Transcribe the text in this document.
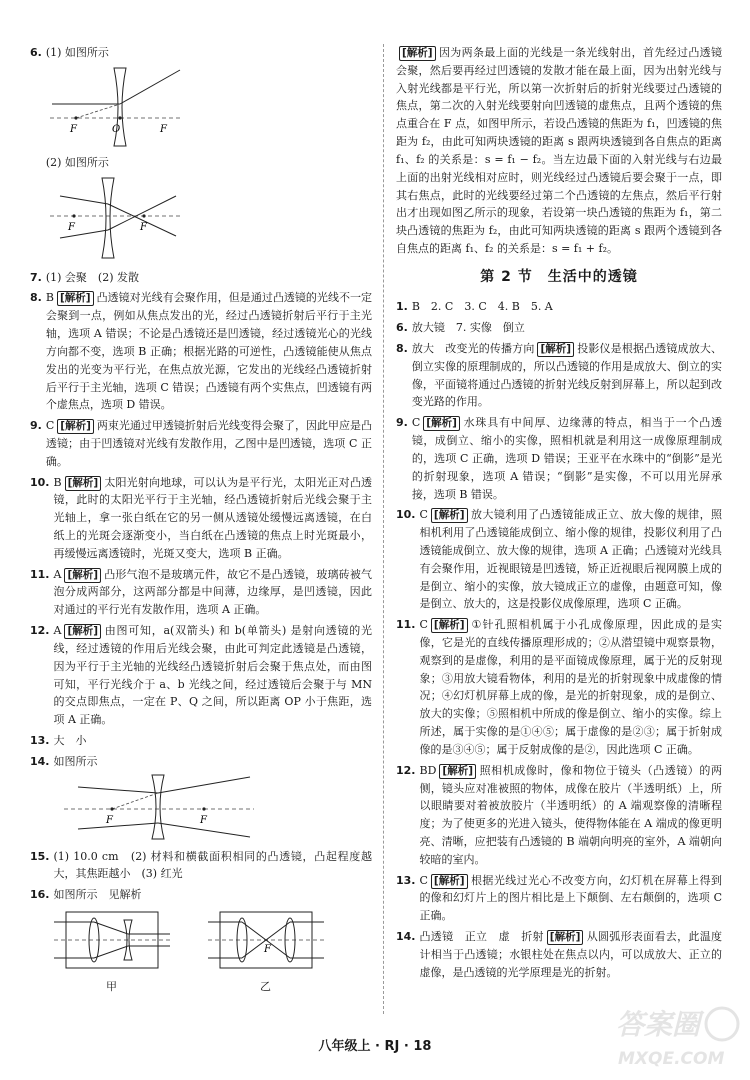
6. (1) 如图所示
F	O	F
(2) 如图所示
F	F
7. (1) 会聚　(2) 发散
8. B [解析] 凸透镜对光线有会聚作用，但是通过凸透镜的光线不一定会聚到一点，例如从焦点发出的光，经过凸透镜折射后平行于主光轴，选项 A 错误；不论是凸透镜还是凹透镜，经过透镜光心的光线方向都不变，选项 B 正确；根据光路的可逆性，凸透镜能使从焦点发出的光变为平行光，在焦点放光源，它发出的光线经凸透镜折射后平行于主光轴，选项 C 错误；凸透镜有两个实焦点，凹透镜有两个虚焦点，选项 D 错误。
9. C [解析] 两束光通过甲透镜折射后光线变得会聚了，因此甲应是凸透镜；由于凹透镜对光线有发散作用，乙图中是凹透镜，选项 C 正确。
10. B [解析] 太阳光射向地球，可以认为是平行光，太阳光正对凸透镜，此时的太阳光平行于主光轴，经凸透镜折射后光线会聚于主光轴上，拿一张白纸在它的另一侧从透镜处缓慢远离透镜，在白纸上的光斑会逐渐变小，当白纸在凸透镜的焦点上时光斑最小，再缓慢远离透镜时，光斑又变大，选项 B 正确。
11. A [解析] 凸形气泡不是玻璃元件，故它不是凸透镜，玻璃砖被气泡分成两部分，这两部分都是中间薄，边缘厚，是凹透镜，因此对通过的平行光有发散作用，选项 A 正确。
12. A [解析] 由图可知，a(双箭头) 和 b(单箭头) 是射向透镜的光线，经过透镜的作用后光线会聚，由此可判定此透镜是凸透镜，因为平行于主光轴的光线经凸透镜折射后会聚于焦点处，而由图可知，平行光线介于 a、b 光线之间，经过透镜后会聚于与 MN 的交点即焦点，一定在 P、Q 之间，所以距离 OP 小于焦距，选项 A 正确。
13. 大　小
14. 如图所示
F	F
15. (1) 10.0 cm　(2) 材料和横截面积相同的凸透镜，凸起程度越大，其焦距越小　(3) 红光
16. 如图所示　见解析
甲
F
乙
[解析] 因为两条最上面的光线是一条光线射出，首先经过凸透镜会聚，然后要再经过凹透镜的发散才能在最上面，因为出射光线与入射光线都是平行光，所以第一次折射后的折射光线要过凸透镜的焦点，第二次的入射光线要射向凹透镜的虚焦点，且两个透镜的焦点重合在 F 点，如图甲所示，若设凸透镜的焦距为 f₁，凹透镜的焦距为 f₂，由此可知两块透镜的距离 s 跟两块透镜到各自焦点的距离 f₁、f₂ 的关系是：s = f₁ − f₂。当左边最下面的入射光线与右边最上面的出射光线相对应时，则光线经过凸透镜后要会聚于一点，即其右焦点，此时的光线要经过第二个凸透镜的左焦点，然后平行射出才出现如图乙所示的现象，若设第一块凸透镜的焦距为 f₁，第二块凸透镜的焦距为 f₂，由此可知两块透镜的距离 s 跟两个透镜到各自焦点的距离 f₁、f₂ 的关系是：s = f₁ + f₂。
第 2 节　生活中的透镜
1. B　2. C　3. C　4. B　5. A
6. 放大镜　7. 实像　倒立
8. 放大　改变光的传播方向 [解析] 投影仪是根据凸透镜成放大、倒立实像的原理制成的，所以凸透镜的作用是成放大、倒立的实像，平面镜将通过凸透镜的折射光线反射到屏幕上，所以起到改变光路的作用。
9. C [解析] 水珠具有中间厚、边缘薄的特点，相当于一个凸透镜，成倒立、缩小的实像，照相机就是利用这一成像原理制成的，选项 C 正确，选项 D 错误；王亚平在水珠中的“倒影”是光的折射现象，选项 A 错误；“倒影”是实像，不可以用光屏承接，选项 B 错误。
10. C [解析] 放大镜利用了凸透镜能成正立、放大像的规律，照相机利用了凸透镜能成倒立、缩小像的规律，投影仪利用了凸透镜能成倒立、放大像的规律，选项 A 正确；凸透镜对光线具有会聚作用，近视眼镜是凹透镜，矫正近视眼后视网膜上成的是倒立、缩小的实像，放大镜成正立的虚像，由题意可知，像是倒立、放大的，这是投影仪成像原理，选项 C 正确。
11. C [解析] ①针孔照相机属于小孔成像原理，因此成的是实像，它是光的直线传播原理形成的；②从潜望镜中观察景物，观察到的是虚像，利用的是平面镜成像原理，属于光的反射现象；③用放大镜看物体，利用的是光的折射现象中成虚像的情况；④幻灯机屏幕上成的像，是光的折射现象，成的是倒立、放大的实像；⑤照相机中所成的像是倒立、缩小的实像。综上所述，属于实像的是①④⑤；属于虚像的是②③；属于折射成像的是③④⑤；属于反射成像的是②，因此选项 C 正确。
12. BD [解析] 照相机成像时，像和物位于镜头（凸透镜）的两侧，镜头应对准被照的物体，成像在胶片（半透明纸）上，所以眼睛要对着被放胶片（半透明纸）的 A 端观察像的清晰程度；为了使更多的光进入镜头，使得物体能在 A 端成的像更明亮、清晰，应把装有凸透镜的 B 端朝向明亮的室外，A 端朝向较暗的室内。
13. C [解析] 根据光线过光心不改变方向，幻灯机在屏幕上得到的像和幻灯片上的图片相比是上下颠倒、左右颠倒的，选项 C 正确。
14. 凸透镜　正立　虚　折射 [解析] 从圆弧形表面看去，此温度计相当于凸透镜；水银柱处在焦点以内，可以成放大、正立的虚像，是凸透镜的光学原理是光的折射。
八年级上 · RJ · 18
答案圈
MXQE.COM
